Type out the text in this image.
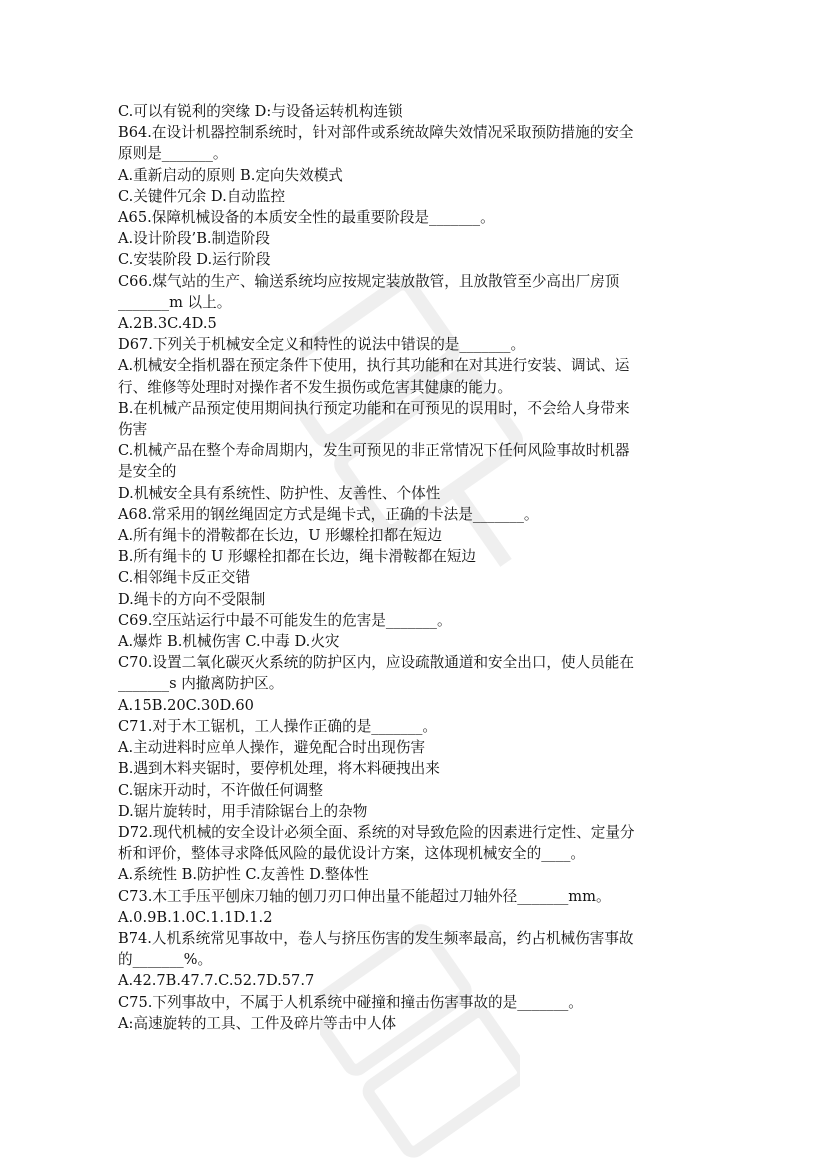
C.可以有锐利的突缘 D:与设备运转机构连锁
B64.在设计机器控制系统时，针对部件或系统故障失效情况采取预防措施的安全
原则是_______。
A.重新启动的原则 B.定向失效模式
C.关键件冗余 D.自动监控
A65.保障机械设备的本质安全性的最重要阶段是_______。
A.设计阶段’B.制造阶段
C.安装阶段 D.运行阶段
C66.煤气站的生产、输送系统均应按规定装放散管，且放散管至少高出厂房顶
_______m 以上。
A.2B.3C.4D.5
D67.下列关于机械安全定义和特性的说法中错误的是_______。
A.机械安全指机器在预定条件下使用，执行其功能和在对其进行安装、调试、运
行、维修等处理时对操作者不发生损伤或危害其健康的能力。
B.在机械产品预定使用期间执行预定功能和在可预见的误用时，不会给人身带来
伤害
C.机械产品在整个寿命周期内，发生可预见的非正常情况下任何风险事故时机器
是安全的
D.机械安全具有系统性、防护性、友善性、个体性
A68.常采用的钢丝绳固定方式是绳卡式，正确的卡法是_______。
A.所有绳卡的滑鞍都在长边，U 形螺栓扣都在短边
B.所有绳卡的 U 形螺栓扣都在长边，绳卡滑鞍都在短边
C.相邻绳卡反正交错
D.绳卡的方向不受限制
C69.空压站运行中最不可能发生的危害是_______。
A.爆炸 B.机械伤害 C.中毒 D.火灾
C70.设置二氧化碳灭火系统的防护区内，应设疏散通道和安全出口，使人员能在
_______s 内撤离防护区。
A.15B.20C.30D.60
C71.对于木工锯机，工人操作正确的是_______。
A.主动进料时应单人操作，避免配合时出现伤害
B.遇到木料夹锯时，要停机处理，将木料硬拽出来
C.锯床开动时，不许做任何调整
D.锯片旋转时，用手清除锯台上的杂物
D72.现代机械的安全设计必须全面、系统的对导致危险的因素进行定性、定量分
析和评价，整体寻求降低风险的最优设计方案，这体现机械安全的____。
A.系统性 B.防护性 C.友善性 D.整体性
C73.木工手压平刨床刀轴的刨刀刃口伸出量不能超过刀轴外径_______mm。
A.0.9B.1.0C.1.1D.1.2
B74.人机系统常见事故中，卷人与挤压伤害的发生频率最高，约占机械伤害事故
的_______%。
A.42.7B.47.7.C.52.7D.57.7
C75.下列事故中，不属于人机系统中碰撞和撞击伤害事故的是_______。
A:高速旋转的工具、工件及碎片等击中人体
